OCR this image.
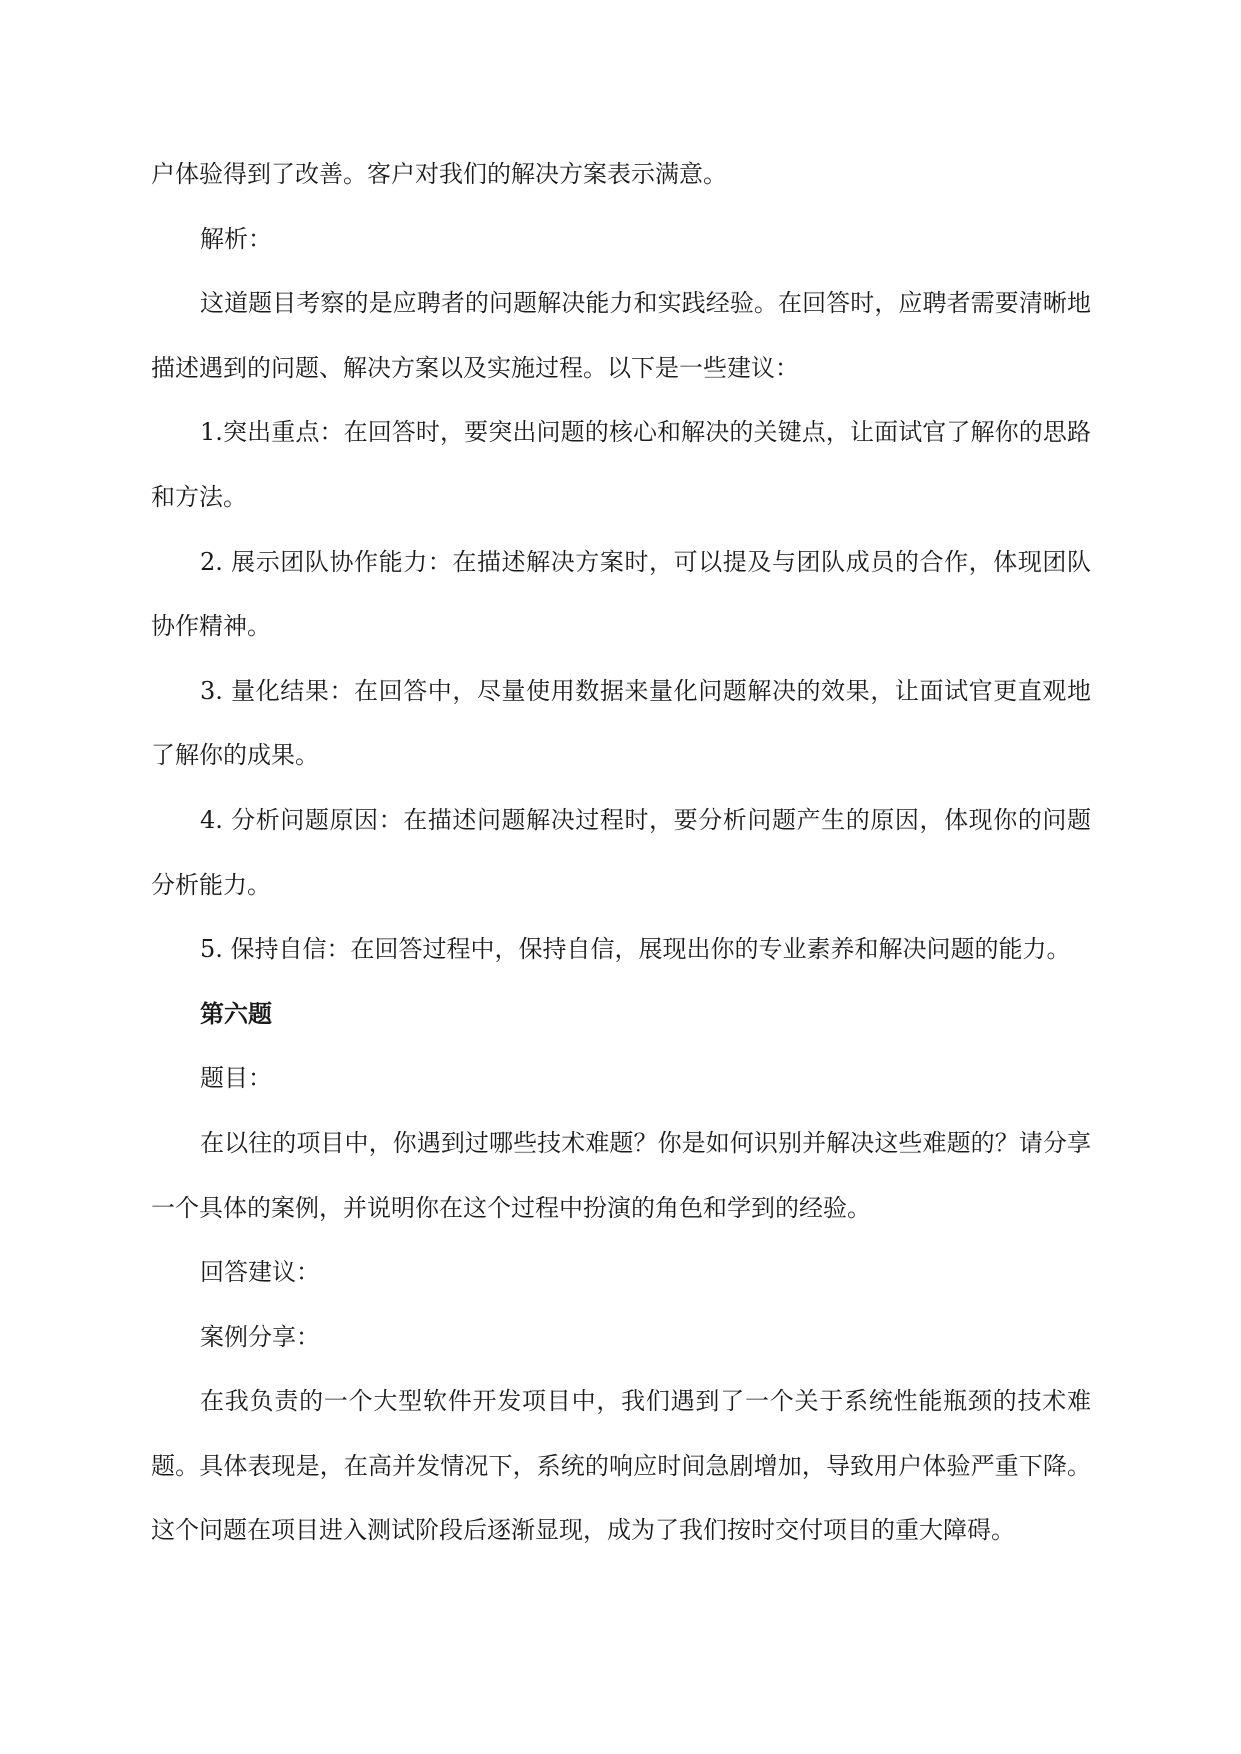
户体验得到了改善。客户对我们的解决方案表示满意。

解析：

这道题目考察的是应聘者的问题解决能力和实践经验。在回答时，应聘者需要清晰地描述遇到的问题、解决方案以及实施过程。以下是一些建议：

1.突出重点：在回答时，要突出问题的核心和解决的关键点，让面试官了解你的思路和方法。

2. 展示团队协作能力：在描述解决方案时，可以提及与团队成员的合作，体现团队协作精神。

3. 量化结果：在回答中，尽量使用数据来量化问题解决的效果，让面试官更直观地了解你的成果。

4. 分析问题原因：在描述问题解决过程时，要分析问题产生的原因，体现你的问题分析能力。

5. 保持自信：在回答过程中，保持自信，展现出你的专业素养和解决问题的能力。

第六题

题目：

在以往的项目中，你遇到过哪些技术难题？你是如何识别并解决这些难题的？请分享一个具体的案例，并说明你在这个过程中扮演的角色和学到的经验。

回答建议：

案例分享：

在我负责的一个大型软件开发项目中，我们遇到了一个关于系统性能瓶颈的技术难题。具体表现是，在高并发情况下，系统的响应时间急剧增加，导致用户体验严重下降。这个问题在项目进入测试阶段后逐渐显现，成为了我们按时交付项目的重大障碍。
